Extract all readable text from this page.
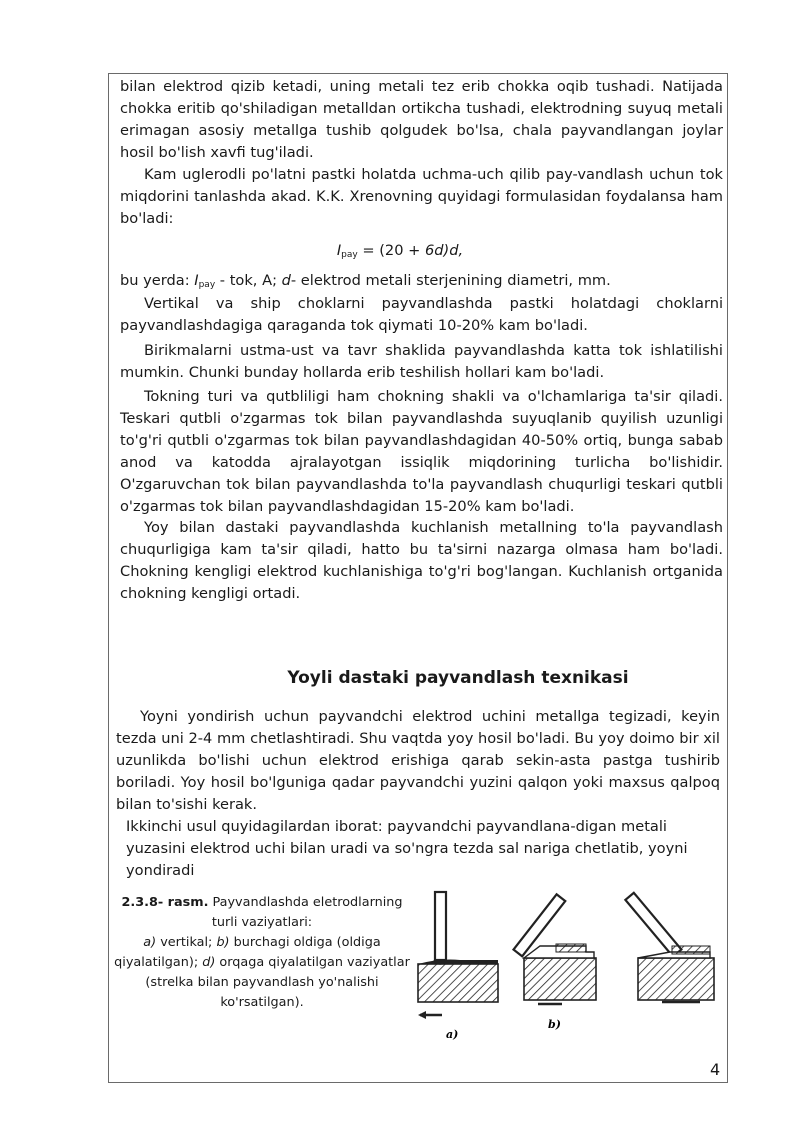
bilan elektrod qizib ketadi, uning metali tez erib chokka oqib tushadi. Natijada chokka eritib qo'shiladigan metalldan ortikcha tushadi, elektrodning suyuq metali erimagan asosiy metallga tushib qolgudek bo'lsa, chala payvandlangan joylar hosil bo'lish xavfi tug'iladi.

Kam uglerodli po'latni pastki holatda uchma-uch qilib pay-vandlash uchun tok miqdorini tanlashda akad. K.K. Xrenovning quyidagi formulasidan foydalansa ham bo'ladi:

$I_{pay} = (20 + 6d)d$,

bu yerda: $I_{pay}$ - tok, A; d- elektrod metali sterjenining diametri, mm.

Vertikal va ship choklarni payvandlashda pastki holatdagi choklarni payvandlashdagiga qaraganda tok qiymati 10-20% kam bo'ladi.

Birikmalarni ustma-ust va tavr shaklida payvandlashda katta tok ishlatilishi mumkin. Chunki bunday hollarda erib teshilish hollari kam bo'ladi.

Tokning turi va qutbliligi ham chokning shakli va o'lchamlariga ta'sir qiladi. Teskari qutbli o'zgarmas tok bilan payvandlashda suyuqlanib quyilish uzunligi to'g'ri qutbli o'zgarmas tok bilan payvandlashdagidan 40-50% ortiq, bunga sabab anod va katodda ajralayotgan issiqlik miqdorining turlicha bo'lishidir. O'zgaruvchan tok bilan payvandlashda to'la payvandlash chuqurligi teskari qutbli o'zgarmas tok bilan payvandlashdagidan 15-20% kam bo'ladi.

Yoy bilan dastaki payvandlashda kuchlanish metallning to'la payvandlash chuqurligiga kam ta'sir qiladi, hatto bu ta'sirni nazarga olmasa ham bo'ladi. Chokning kengligi elektrod kuchlanishiga to'g'ri bog'langan. Kuchlanish ortganida chokning kengligi ortadi.

Yoyli dastaki payvandlash texnikasi

Yoyni yondirish uchun payvandchi elektrod uchini metallga tegizadi, keyin tezda uni 2-4 mm chetlashtiradi. Shu vaqtda yoy hosil bo'ladi. Bu yoy doimo bir xil uzunlikda bo'lishi uchun elektrod erishiga qarab sekin-asta pastga tushirib boriladi. Yoy hosil bo'lguniga qadar payvandchi yuzini qalqon yoki maxsus qalpoq bilan to'sishi kerak.

Ikkinchi usul quyidagilardan iborat: payvandchi payvandlana-digan metali yuzasini elektrod uchi bilan uradi va so'ngra tezda sal nariga chetlatib, yoyni yondiradi

2.3.8- rasm. Payvandlashda eletrodlarning turli vaziyatlari:
a) vertikal; b) burchagi oldiga (oldiga qiyalatilgan); d) orqaga qiyalatilgan vaziyatlar (strelka bilan payvandlash yo'nalishi ko'rsatilgan).
a)
b)
4
